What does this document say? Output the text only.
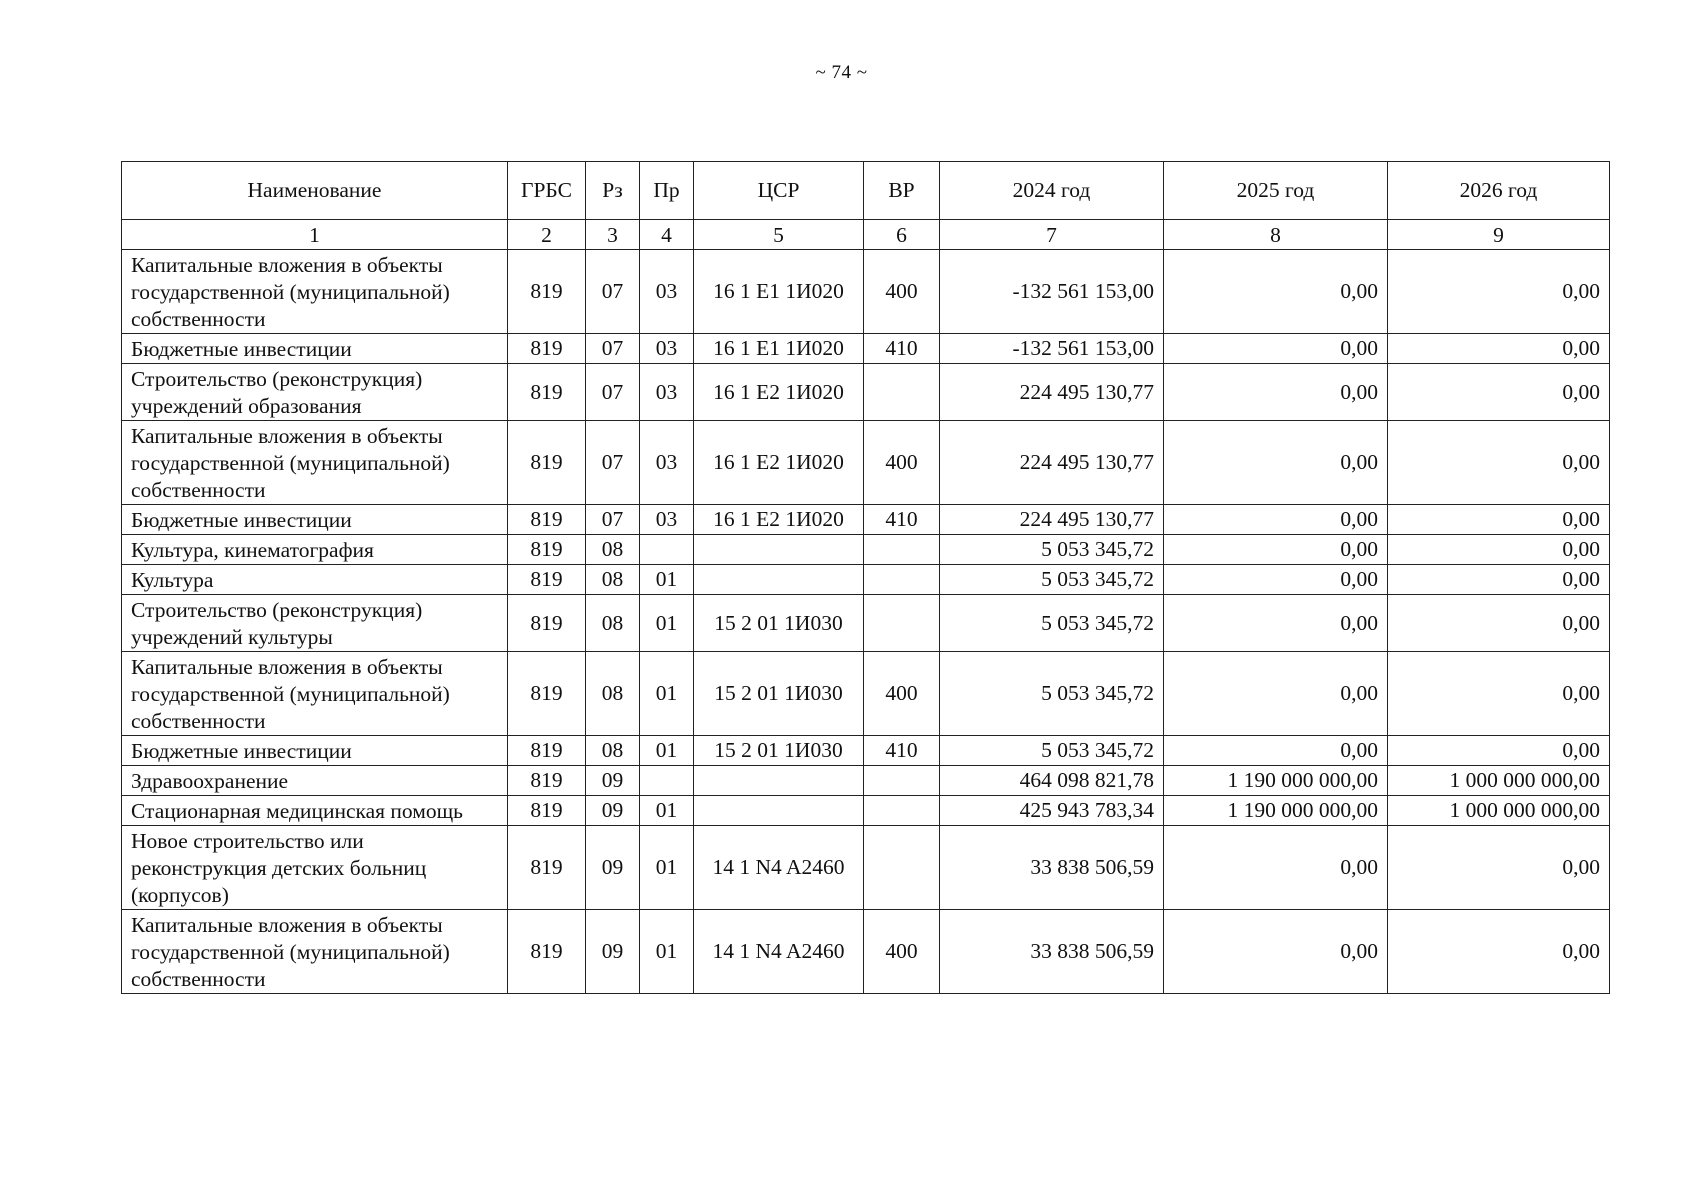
~ 74 ~
Наименование	ГРБС	Рз	Пр	ЦСР	ВР	2024 год	2025 год	2026 год
1	2	3	4	5	6	7	8	9
Капитальные вложения в объекты государственной (муниципальной) собственности	819	07	03	16 1 E1 1И020	400	-132 561 153,00	0,00	0,00
Бюджетные инвестиции	819	07	03	16 1 E1 1И020	410	-132 561 153,00	0,00	0,00
Строительство (реконструкция) учреждений образования	819	07	03	16 1 E2 1И020		224 495 130,77	0,00	0,00
Капитальные вложения в объекты государственной (муниципальной) собственности	819	07	03	16 1 E2 1И020	400	224 495 130,77	0,00	0,00
Бюджетные инвестиции	819	07	03	16 1 E2 1И020	410	224 495 130,77	0,00	0,00
Культура, кинематография	819	08				5 053 345,72	0,00	0,00
Культура	819	08	01			5 053 345,72	0,00	0,00
Строительство (реконструкция) учреждений культуры	819	08	01	15 2 01 1И030		5 053 345,72	0,00	0,00
Капитальные вложения в объекты государственной (муниципальной) собственности	819	08	01	15 2 01 1И030	400	5 053 345,72	0,00	0,00
Бюджетные инвестиции	819	08	01	15 2 01 1И030	410	5 053 345,72	0,00	0,00
Здравоохранение	819	09				464 098 821,78	1 190 000 000,00	1 000 000 000,00
Стационарная медицинская помощь	819	09	01			425 943 783,34	1 190 000 000,00	1 000 000 000,00
Новое строительство или реконструкция детских больниц (корпусов)	819	09	01	14 1 N4 A2460		33 838 506,59	0,00	0,00
Капитальные вложения в объекты государственной (муниципальной) собственности	819	09	01	14 1 N4 A2460	400	33 838 506,59	0,00	0,00
